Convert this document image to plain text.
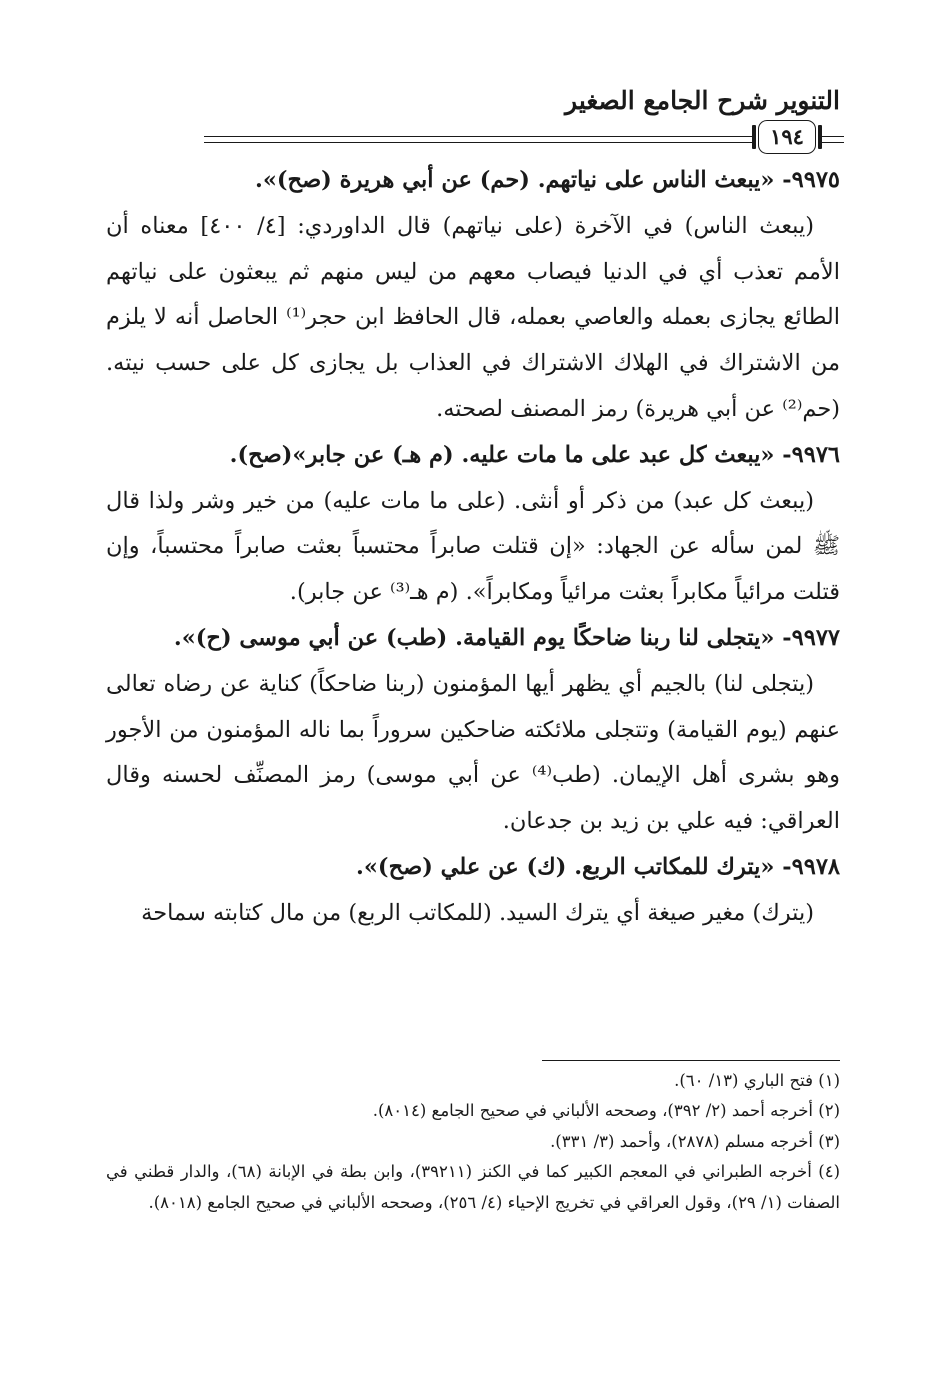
التنوير شرح الجامع الصغير
١٩٤

٩٩٧٥- «يبعث الناس على نياتهم. (حم) عن أبي هريرة (صح)».

(يبعث الناس) في الآخرة (على نياتهم) قال الداوردي: [٤/ ٤٠٠] معناه أن الأمم تعذب أي في الدنيا فيصاب معهم من ليس منهم ثم يبعثون على نياتهم الطائع يجازى بعمله والعاصي بعمله، قال الحافظ ابن حجر⁽¹⁾ الحاصل أنه لا يلزم من الاشتراك في الهلاك الاشتراك في العذاب بل يجازى كل على حسب نيته. (حم⁽²⁾ عن أبي هريرة) رمز المصنف لصحته.

٩٩٧٦- «يبعث كل عبد على ما مات عليه. (م هـ) عن جابر»(صح).

(يبعث كل عبد) من ذكر أو أنثى. (على ما مات عليه) من خير وشر ولذا قال ﷺ لمن سأله عن الجهاد: «إن قتلت صابراً محتسباً بعثت صابراً محتسباً، وإن قتلت مرائياً مكابراً بعثت مرائياً ومكابراً». (م هـ⁽³⁾ عن جابر).

٩٩٧٧- «يتجلى لنا ربنا ضاحكًا يوم القيامة. (طب) عن أبي موسى (ح)».

(يتجلى لنا) بالجيم أي يظهر أيها المؤمنون (ربنا ضاحكاً) كناية عن رضاه تعالى عنهم (يوم القيامة) وتتجلى ملائكته ضاحكين سروراً بما ناله المؤمنون من الأجور وهو بشرى أهل الإيمان. (طب⁽⁴⁾ عن أبي موسى) رمز المصنِّف لحسنه وقال العراقي: فيه علي بن زيد بن جدعان.

٩٩٧٨- «يترك للمكاتب الربع. (ك) عن علي (صح)».

(يترك) مغير صيغة أي يترك السيد. (للمكاتب الربع) من مال كتابته سماحة

(١) فتح الباري (١٣/ ٦٠).

(٢) أخرجه أحمد (٢/ ٣٩٢)، وصححه الألباني في صحيح الجامع (٨٠١٤).

(٣) أخرجه مسلم (٢٨٧٨)، وأحمد (٣/ ٣٣١).

(٤) أخرجه الطبراني في المعجم الكبير كما في الكنز (٣٩٢١١)، وابن بطة في الإبانة (٦٨)، والدار قطني في الصفات (١/ ٢٩)، وقول العراقي في تخريج الإحياء (٤/ ٢٥٦)، وصححه الألباني في صحيح الجامع (٨٠١٨).
